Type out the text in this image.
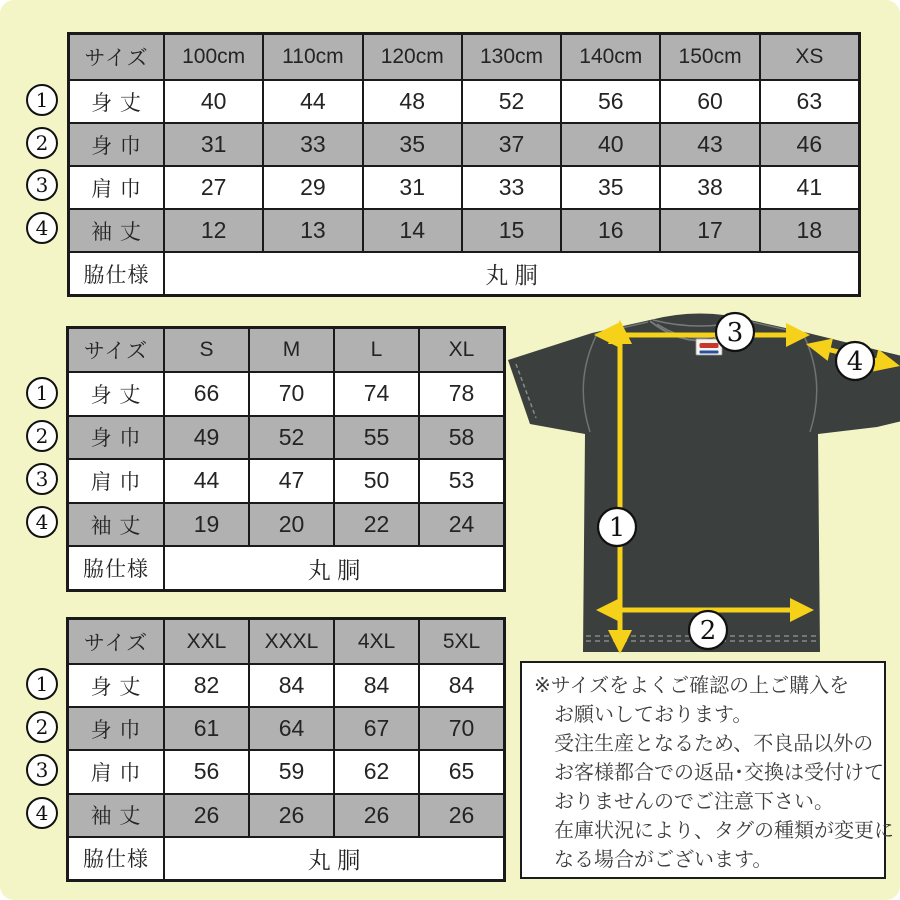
サイズ	100cm	110cm	120cm	130cm	140cm	150cm	XS
身 丈	40	44	48	52	56	60	63
身 巾	31	33	35	37	40	43	46
肩 巾	27	29	31	33	35	38	41
袖 丈	12	13	14	15	16	17	18
脇仕様	丸 胴
サイズ	S	M	L	XL
身 丈	66	70	74	78
身 巾	49	52	55	58
肩 巾	44	47	50	53
袖 丈	19	20	22	24
脇仕様	丸 胴
サイズ	XXL	XXXL	4XL	5XL
身 丈	82	84	84	84
身 巾	61	64	67	70
肩 巾	56	59	62	65
袖 丈	26	26	26	26
脇仕様	丸 胴
1
2
3
4
1
2
3
4
1
2
3
4
1
2
3
4
※サイズをよくご確認の上ご購入を
お願いしております。
受注生産となるため、不良品以外の
お客様都合での返品･交換は受付けて
おりませんのでご注意下さい。
在庫状況により、タグの種類が変更に
なる場合がございます。
